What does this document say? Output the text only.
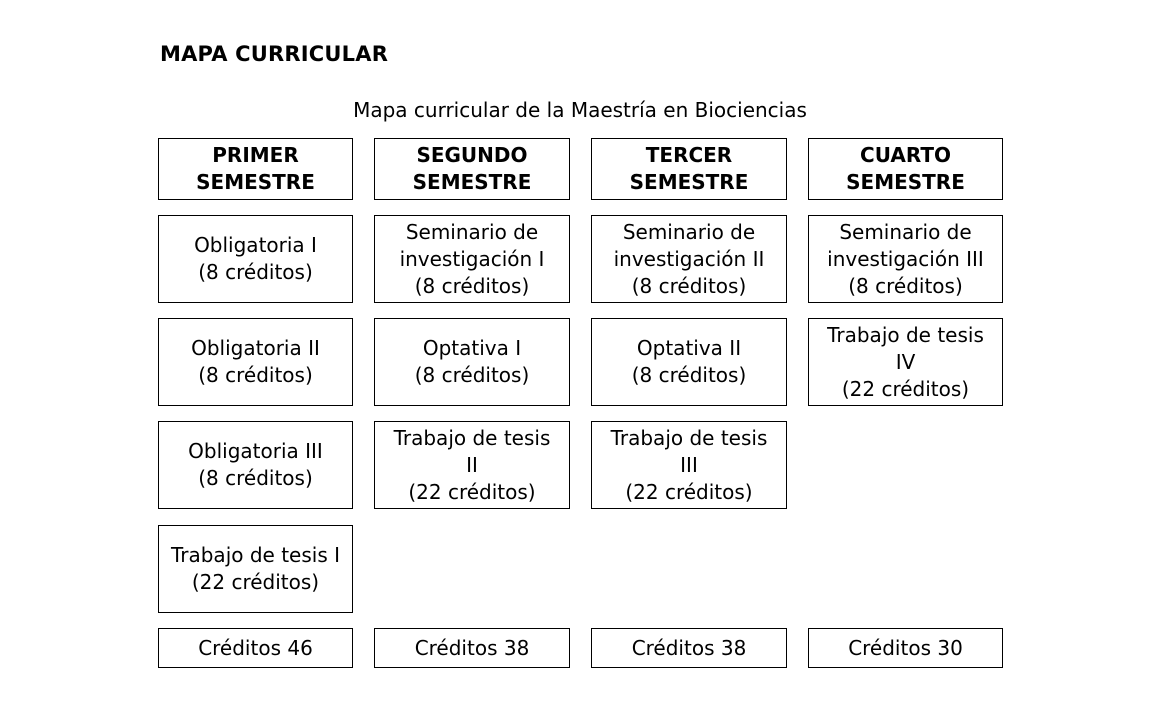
MAPA CURRICULAR
Mapa curricular de la Maestría en Biociencias
PRIMER
SEMESTRE
Obligatoria I
(8 créditos)
Obligatoria II
(8 créditos)
Obligatoria III
(8 créditos)
Trabajo de tesis I
(22 créditos)
Créditos 46
SEGUNDO
SEMESTRE
Seminario de
investigación I
(8 créditos)
Optativa I
(8 créditos)
Trabajo de tesis
II
(22 créditos)
Créditos 38
TERCER
SEMESTRE
Seminario de
investigación II
(8 créditos)
Optativa II
(8 créditos)
Trabajo de tesis
III
(22 créditos)
Créditos 38
CUARTO
SEMESTRE
Seminario de
investigación III
(8 créditos)
Trabajo de tesis
IV
(22 créditos)
Créditos 30
